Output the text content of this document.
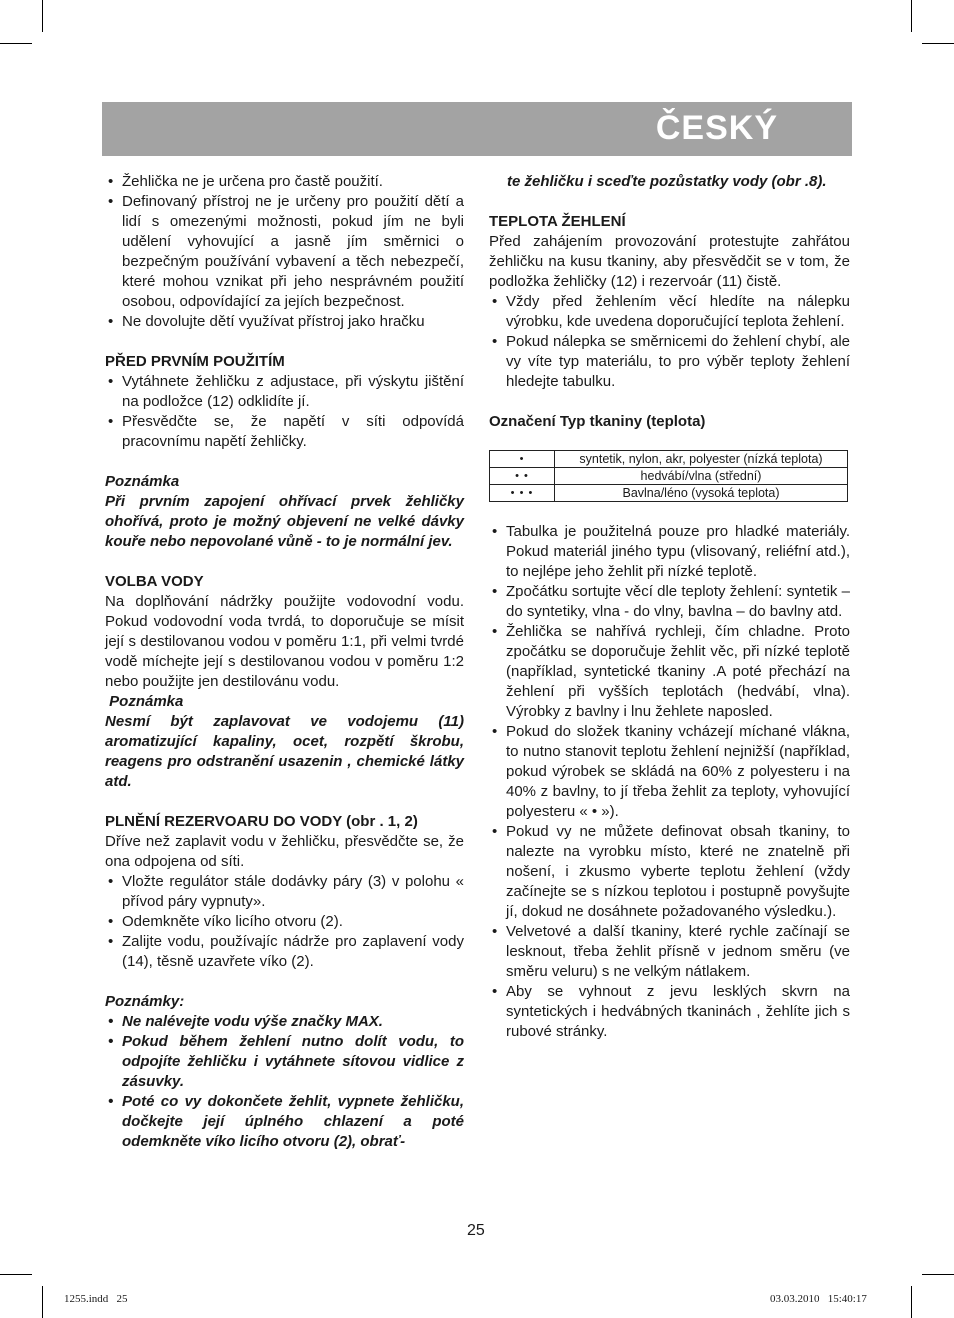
ČESKÝ
• Žehlička ne je určena pro častě použití.
• Definovaný přístroj ne je určeny pro použití dětí a lidí s omezenými možnosti, pokud jím ne byli udělení vyhovující a jasně jím směrnici o bezpečným používání vybavení a těch nebezpečí, které mohou vznikat při jeho nesprávném použití osobou, odpovídající za jejích bezpečnost.
• Ne dovolujte dětí využívat přístroj jako hračku

PŘED PRVNÍM POUŽITÍM

• Vytáhnete žehličku z adjustace, při výskytu jištění na podložce (12) odklidíte jí.
• Přesvědčte se, že napětí v síti odpovídá pracovnímu napětí žehličky.

Poznámka

Při prvním zapojení ohřívací prvek žehličky ohořívá, proto je možný objevení ne velké dávky kouře nebo nepovolané vůně - to je normální jev.

VOLBA VODY

Na doplňování nádržky použijte vodovodní vodu. Pokud vodovodní voda tvrdá, to doporučuje se mísit její s destilovanou vodou v poměru 1:1, při velmi tvrdé vodě míchejte její s destilovanou vodou v poměru 1:2 nebo použijte jen destilovánu vodu.

Poznámka

Nesmí být zaplavovat ve vodojemu (11) aromatizující kapaliny, ocet, rozpětí škrobu, reagens pro odstranění usazenin , chemické látky atd.

PLNĚNÍ REZERVOARU DO VODY (obr . 1, 2)

Dříve než zaplavit vodu v žehličku, přesvědčte se, že ona odpojena od síti.

• Vložte regulátor stále dodávky páry (3) v polohu « přívod páry vypnuty».
• Odemkněte víko licího otvoru (2).
• Zalijte vodu, používajíc nádrže pro zaplavení vody (14), těsně uzavřete víko (2).

Poznámky:

• Ne nalévejte vodu výše značky MAX.
• Pokud během žehlení nutno dolít vodu, to odpojíte žehličku i vytáhnete sítovou vidlice z zásuvky.
• Poté co vy dokončete žehlit, vypnete žehličku, dočkejte její úplného chlazení a poté odemkněte víko licího otvoru (2), obrať-

te žehličku i sceďte pozůstatky vody (obr .8).

TEPLOTA ŽEHLENÍ

Před zahájením provozování protestujte zahřátou žehličku na kusu tkaniny, aby přesvědčit se v tom, že podložka žehličky (12) i rezervoár (11) čistě.

• Vždy před žehlením věcí hledíte na nálepku výrobku, kde uvedena doporučující teplota žehlení.
• Pokud nálepka se směrnicemi do žehlení chybí, ale vy víte typ materiálu, to pro výběr teploty žehlení hledejte tabulku.

Označení Typ tkaniny (teplota)

•	syntetik, nylon, akr, polyester (nízká teplota)
• •	hedvábí/vlna (střední)
• • •	Bavlna/léno (vysoká teplota)
• Tabulka je použitelná pouze pro hladké materiály. Pokud materiál jiného typu (vlisovaný, reliéfní atd.), to nejlépe jeho žehlit při nízké teplotě.
• Zpočátku sortujte věcí dle teploty žehlení: syntetik – do syntetiky, vlna - do vlny, bavlna – do bavlny atd.
• Žehlička se nahřívá rychleji, čím chladne. Proto zpočátku se doporučuje žehlit věc, při nízké teplotě (například, syntetické tkaniny .A poté přechází na žehlení při vyšších teplotách (hedvábí, vlna). Výrobky z bavlny i lnu žehlete naposled.
• Pokud do složek tkaniny vcházejí míchané vlákna, to nutno stanovit teplotu žehlení nejnižší (například, pokud výrobek se skládá na 60% z polyesteru i na 40% z bavlny, to jí třeba žehlit za teploty, vyhovující polyesteru « • »).
• Pokud vy ne můžete definovat obsah tkaniny, to nalezte na vyrobku místo, které ne znatelně při nošení, i zkusmo vyberte teplotu žehlení (vždy začínejte se s nízkou teplotou i postupně povyšujte jí, dokud ne dosáhnete požadovaného výsledku.).
• Velvetové a další tkaniny, které rychle začínají se lesknout, třeba žehlit přísně v jednom směru (ve směru veluru) s ne velkým nátlakem.
• Aby se vyhnout z jevu lesklých skvrn na syntetických i hedvábných tkaninách , žehlíte jich s rubové stránky.
25
1255.indd   25	03.03.2010   15:40:17
